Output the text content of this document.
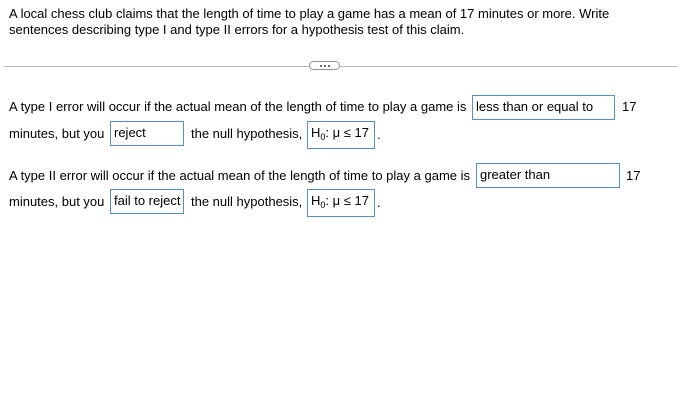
A local chess club claims that the length of time to play a game has a mean of 17 minutes or more. Write sentences describing type I and type II errors for a hypothesis test of this claim.
A type I error will occur if the actual mean of the length of time to play a game is less than or equal to	17
minutes, but you reject	the null hypothesis, $H_0$: μ ≤ 17 .
A type II error will occur if the actual mean of the length of time to play a game is greater than	17
minutes, but you fail to reject the null hypothesis, $H_0$: μ ≤ 17 .
